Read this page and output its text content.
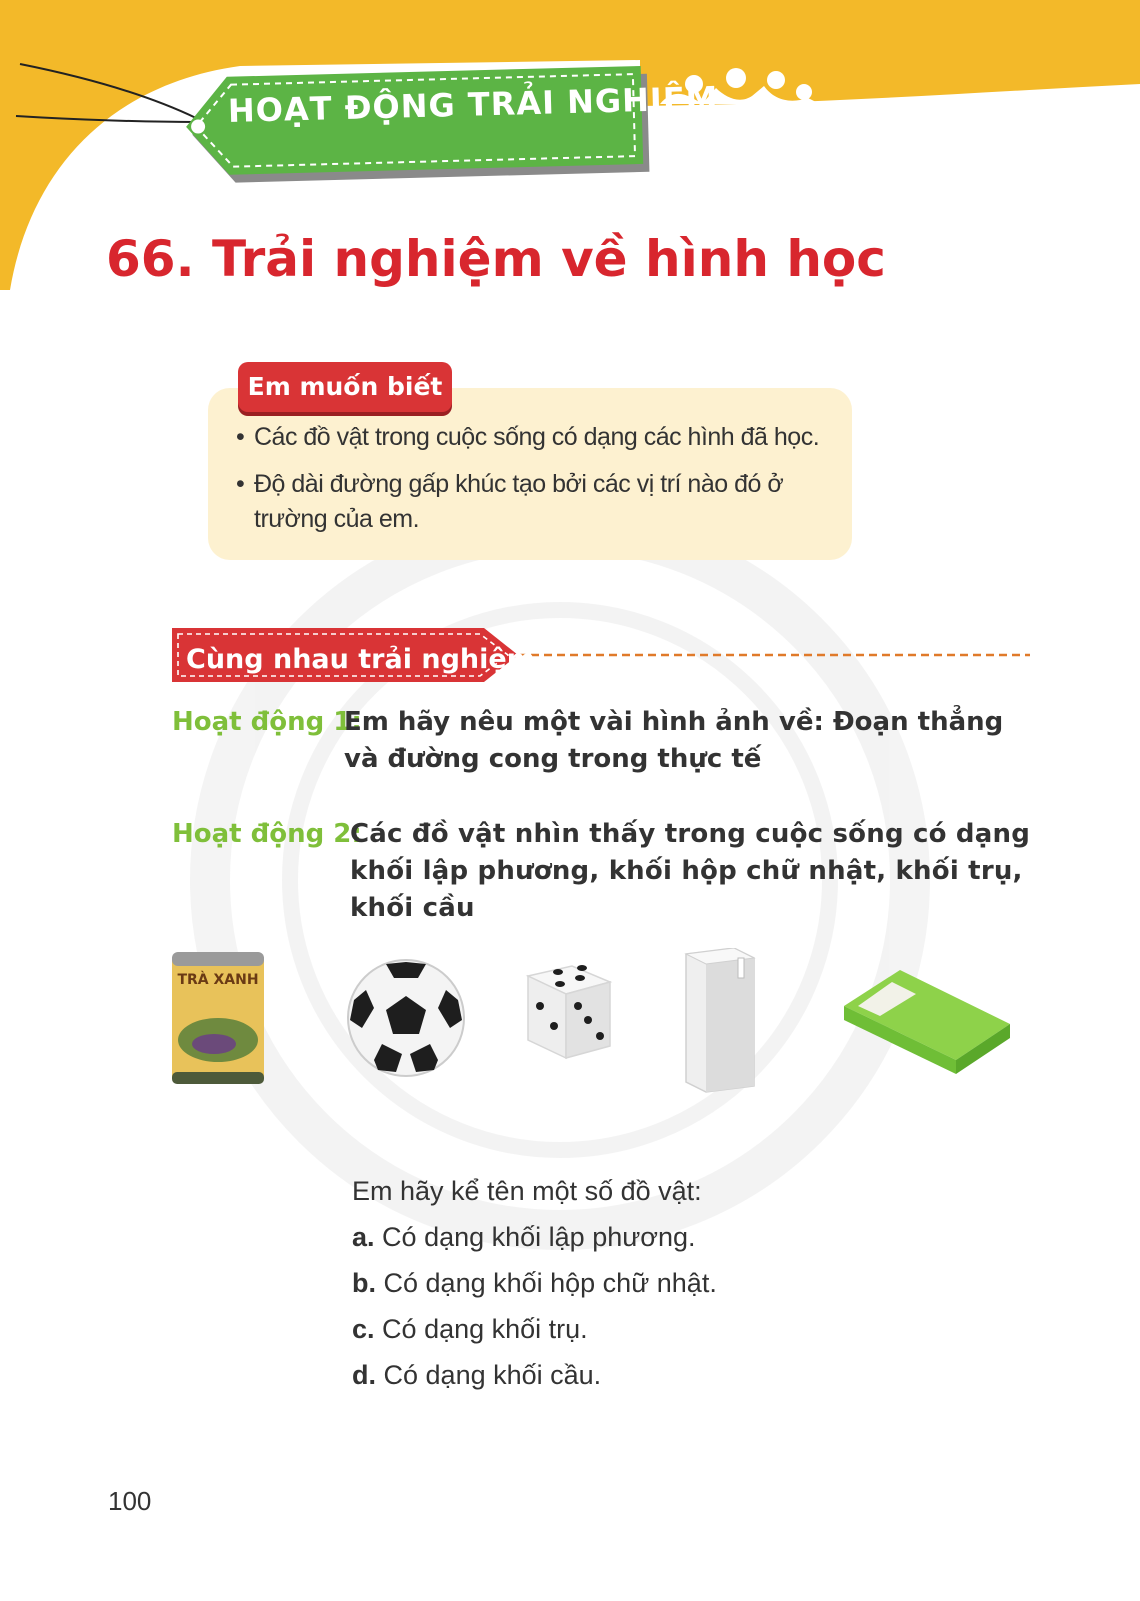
HOẠT ĐỘNG TRẢI NGHIỆM
66. Trải nghiệm về hình học
Em muốn biết
• Các đồ vật trong cuộc sống có dạng các hình đã học.
• Độ dài đường gấp khúc tạo bởi các vị trí nào đó ở trường của em.
Cùng nhau trải nghiệm
Hoạt động 1:
Em hãy nêu một vài hình ảnh về: Đoạn thẳng và đường cong trong thực tế
Hoạt động 2:
Các đồ vật nhìn thấy trong cuộc sống có dạng khối lập phương, khối hộp chữ nhật, khối trụ, khối cầu
TRÀ XANH
Em hãy kể tên một số đồ vật:
a. Có dạng khối lập phương.
b. Có dạng khối hộp chữ nhật.
c. Có dạng khối trụ.
d. Có dạng khối cầu.
100
